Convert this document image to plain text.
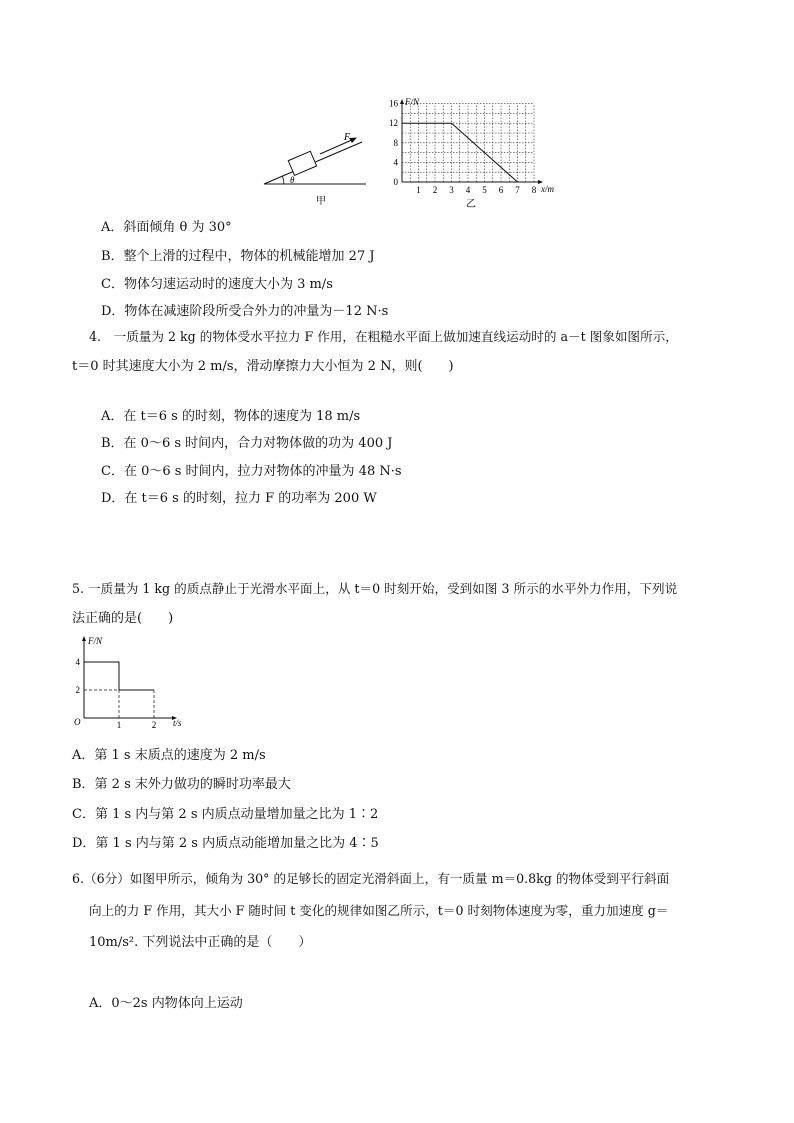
F
θ
甲
F/N
x/m
16
12
8
4
0
1 2 3 4 5 6 7 8
乙
A．斜面倾角 θ 为 30°
B．整个上滑的过程中，物体的机械能增加 27 J
C．物体匀速运动时的速度大小为 3 m/s
D．物体在减速阶段所受合外力的冲量为－12 N·s
4.　一质量为 2 kg 的物体受水平拉力 F 作用，在粗糙水平面上做加速直线运动时的 a－t 图象如图所示，
t＝0 时其速度大小为 2 m/s，滑动摩擦力大小恒为 2 N，则(　　)
A．在 t＝6 s 的时刻，物体的速度为 18 m/s
B．在 0～6 s 时间内，合力对物体做的功为 400 J
C．在 0～6 s 时间内，拉力对物体的冲量为 48 N·s
D．在 t＝6 s 的时刻，拉力 F 的功率为 200 W
5. 一质量为 1 kg 的质点静止于光滑水平面上，从 t＝0 时刻开始，受到如图 3 所示的水平外力作用，下列说
法正确的是(　　)
F/N
t/s
O
4
2
1	2
A．第 1 s 末质点的速度为 2 m/s
B．第 2 s 末外力做功的瞬时功率最大
C．第 1 s 内与第 2 s 内质点动量增加量之比为 1∶2
D．第 1 s 内与第 2 s 内质点动能增加量之比为 4∶5
6.（6分）如图甲所示，倾角为 30° 的足够长的固定光滑斜面上，有一质量 m＝0.8kg 的物体受到平行斜面
向上的力 F 作用，其大小 F 随时间 t 变化的规律如图乙所示，t＝0 时刻物体速度为零，重力加速度 g＝
10m/s². 下列说法中正确的是（　　）
A．0～2s 内物体向上运动
